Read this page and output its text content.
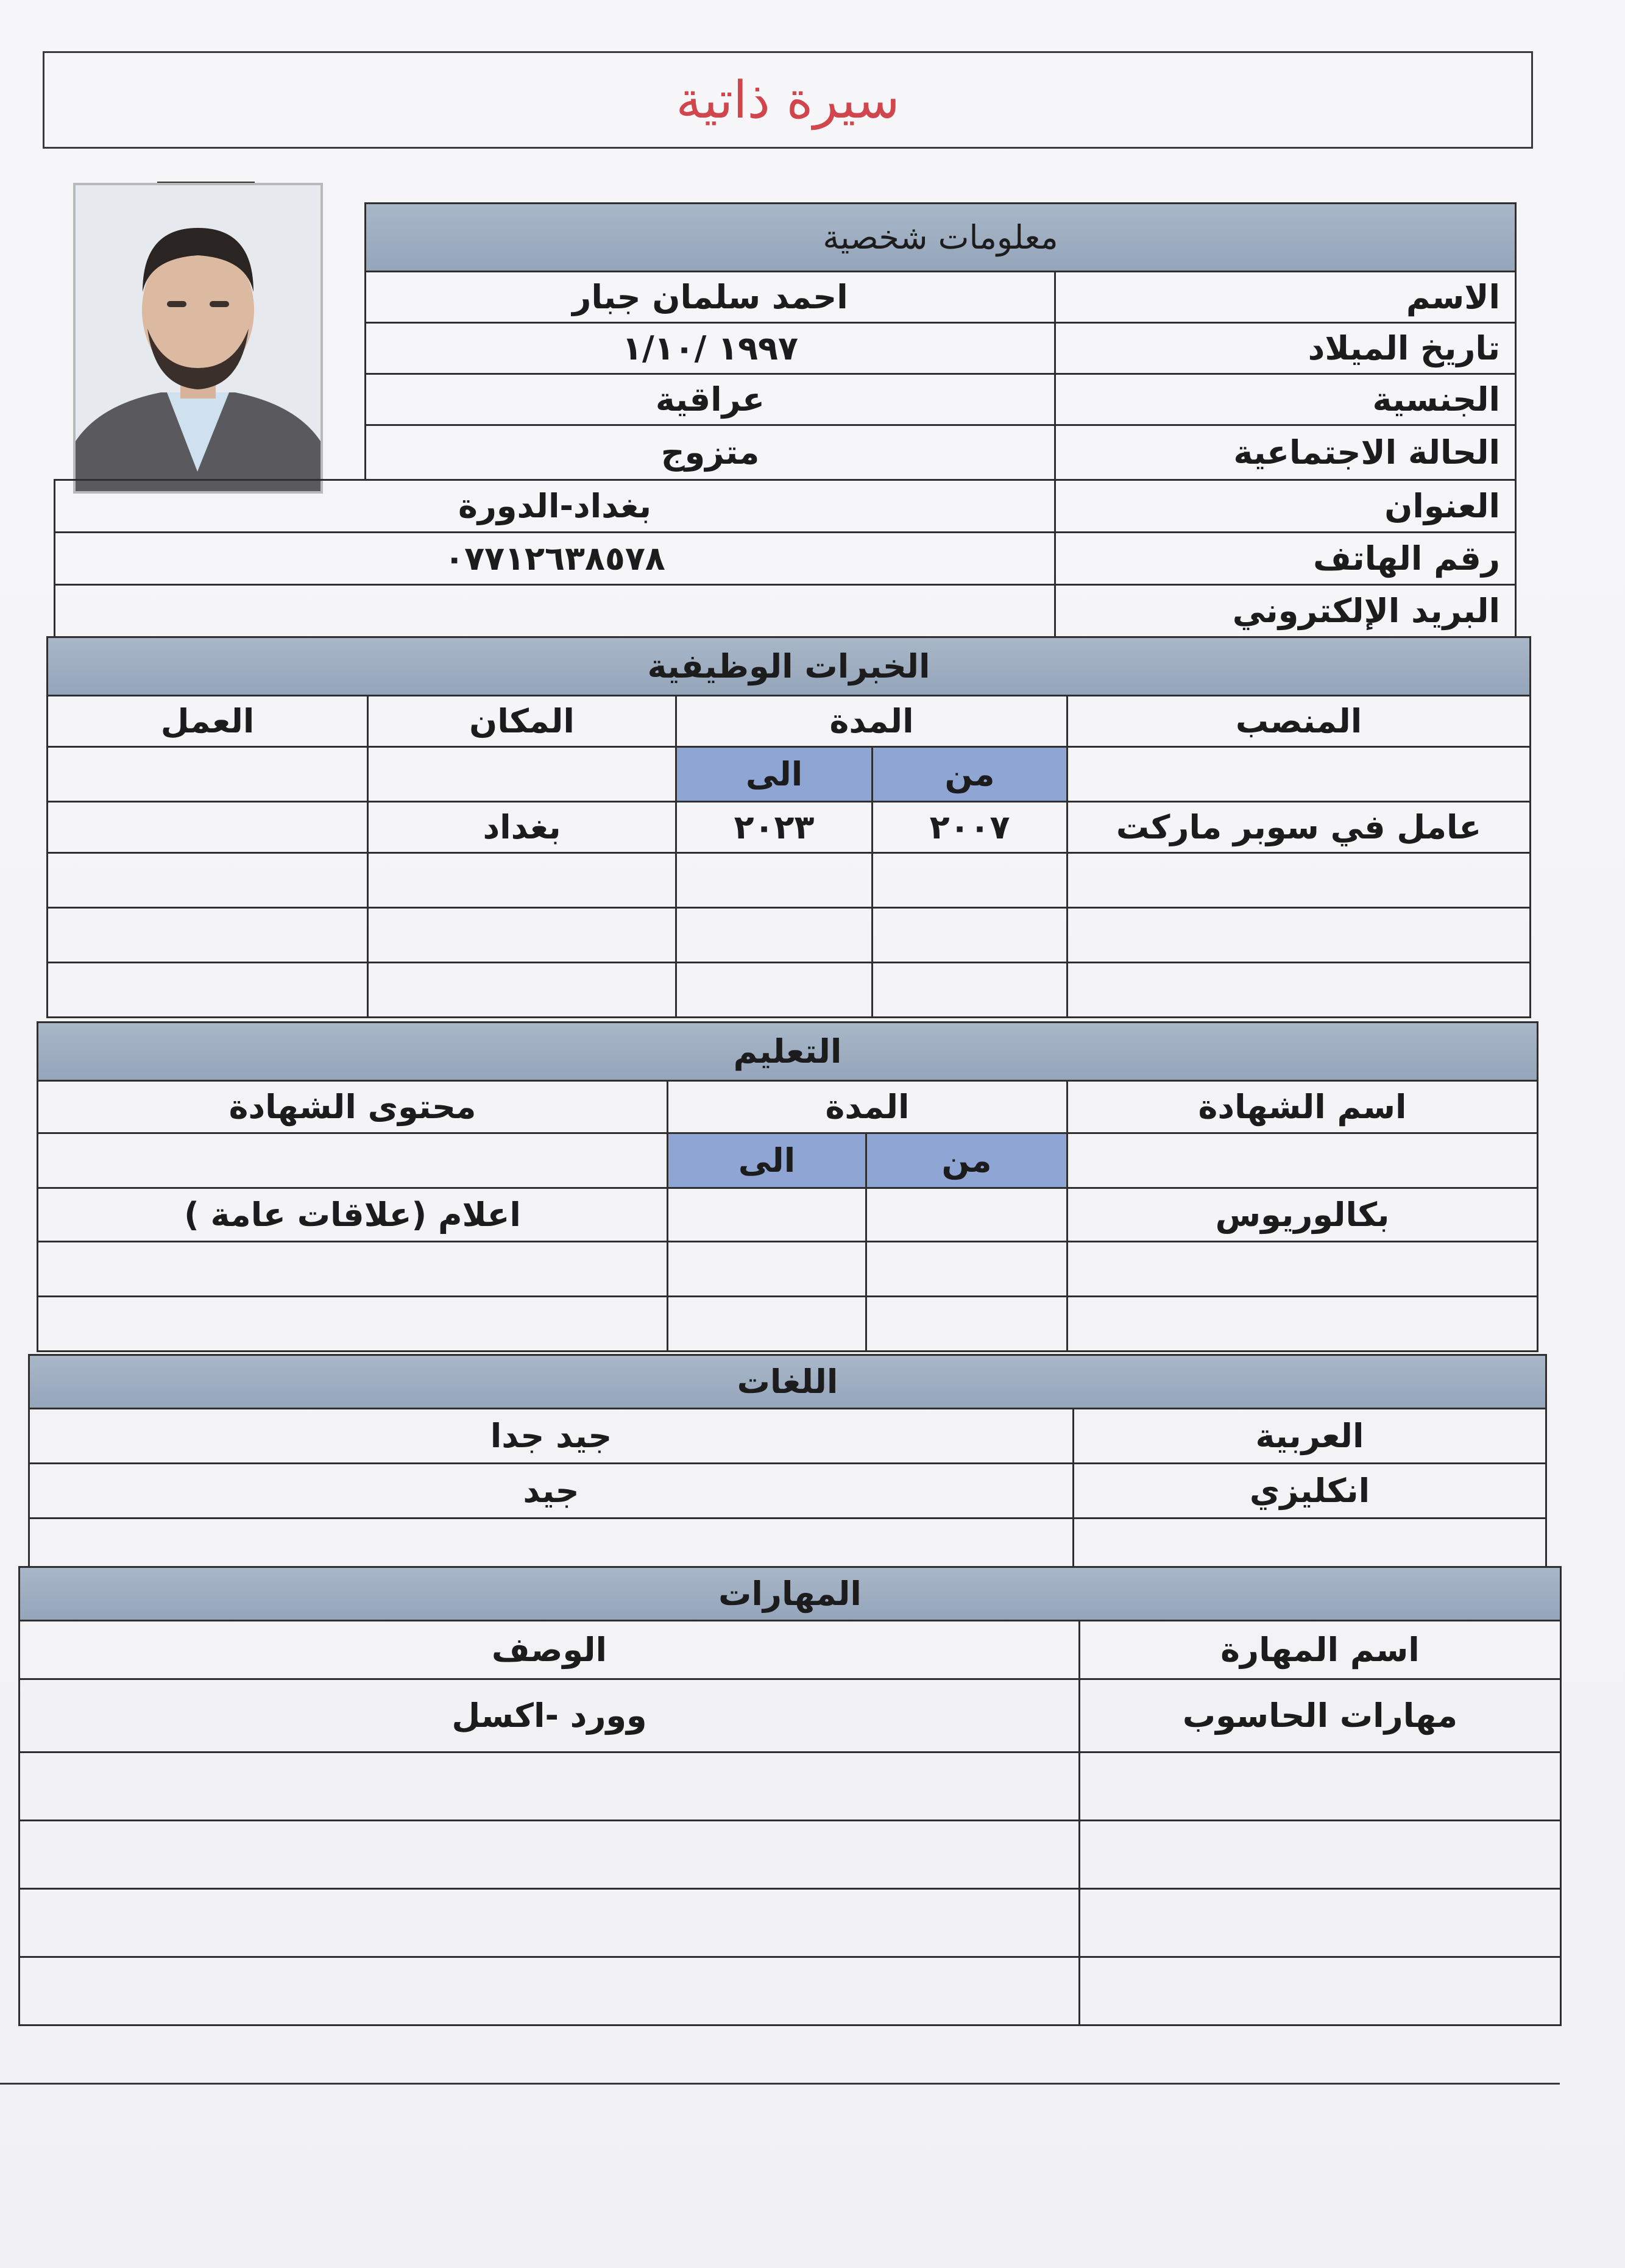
سيرة ذاتية
معلومات شخصية		
الاسم	احمد سلمان جبار	
تاريخ الميلاد	١٩٩٧ /١/١٠	
الجنسية	عراقية	
الحالة الاجتماعية	متزوج	
العنوان	بغداد-الدورة	
رقم الهاتف	٠٧٧١٢٦٣٨٥٧٨	
البريد الإلكتروني		
الخبرات الوظيفية				
المنصب	المدة		المكان	العمل
	من	الى		
عامل في سوبر ماركت	٢٠٠٧	٢٠٢٣	بغداد	

التعليم			
اسم الشهادة	المدة		محتوى الشهادة
	من	الى	
بكالوريوس			اعلام (علاقات عامة )

اللغات	
العربية	جيد جدا
انكليزي	جيد

المهارات	
اسم المهارة	الوصف
مهارات الحاسوب	وورد -اكسل
